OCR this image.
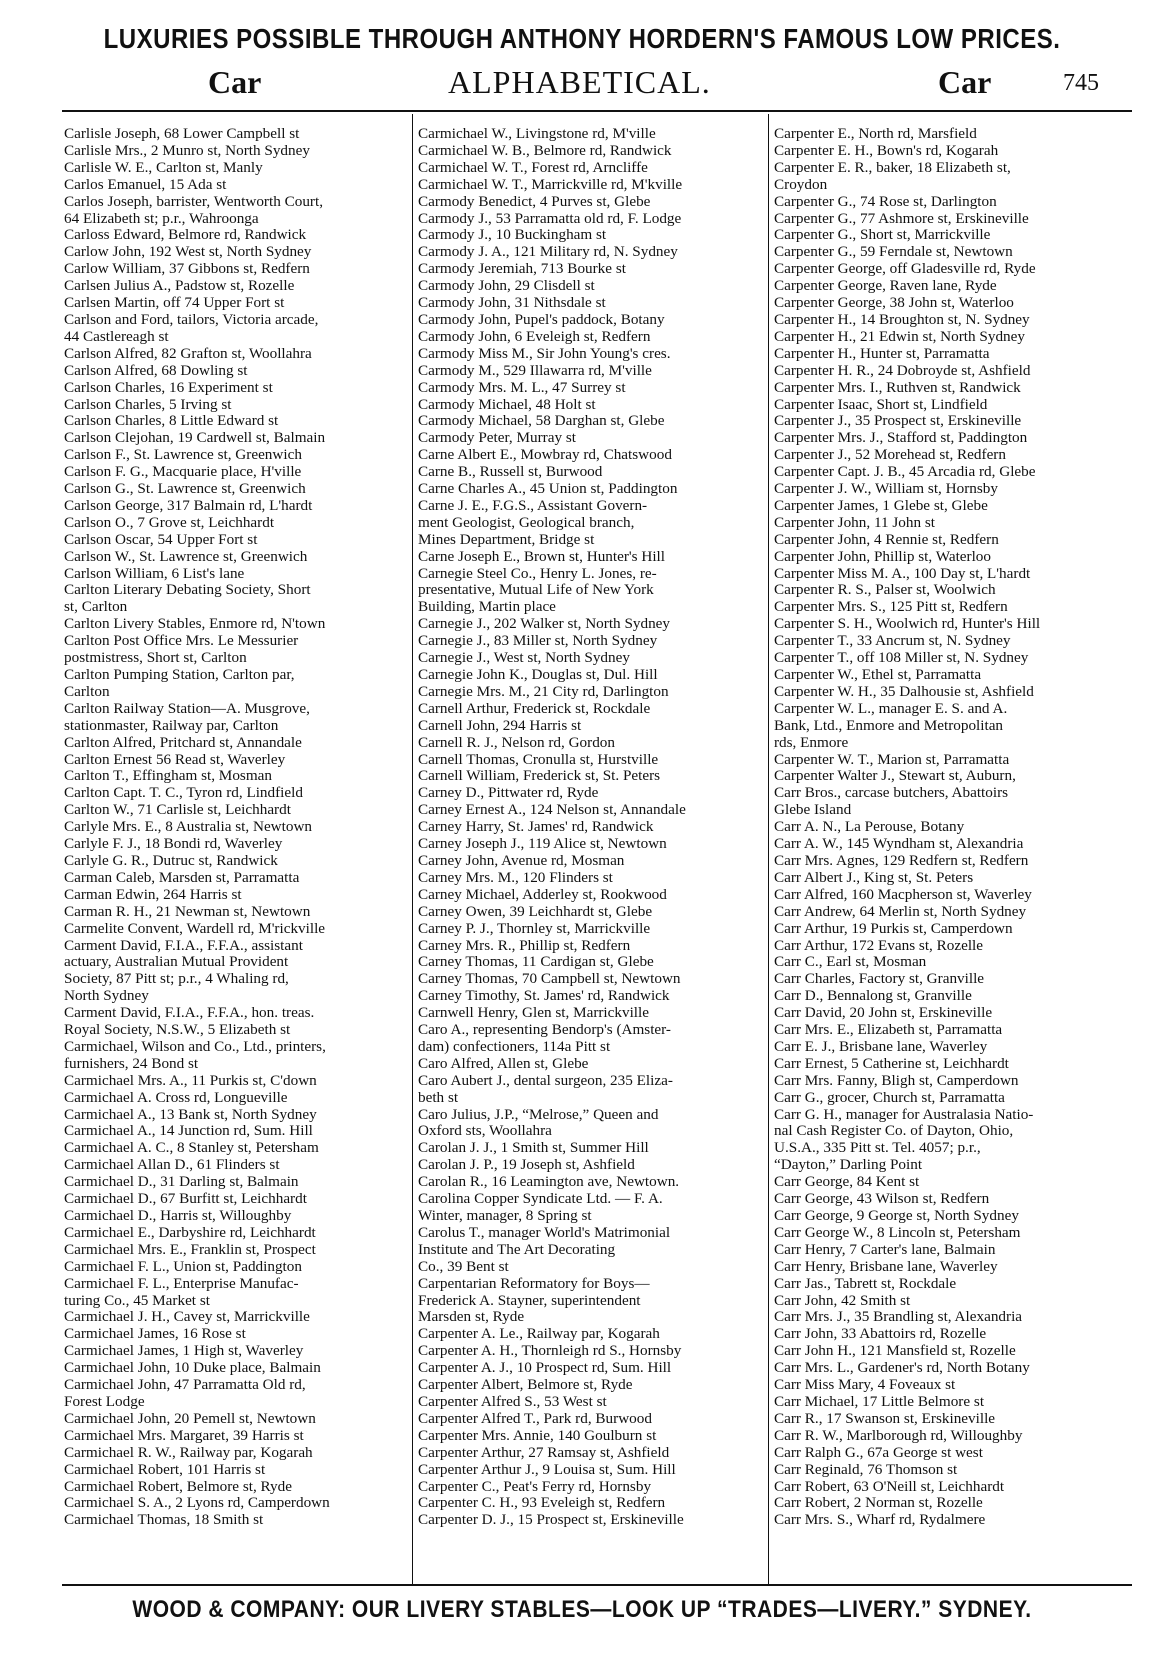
LUXURIES POSSIBLE THROUGH ANTHONY HORDERN'S FAMOUS LOW PRICES.
Car	ALPHABETICAL.	Car	745
Carlisle Joseph, 68 Lower Campbell st
Carlisle Mrs., 2 Munro st, North Sydney
Carlisle W. E., Carlton st, Manly
Carlos Emanuel, 15 Ada st
Carlos Joseph, barrister, Wentworth Court,
64 Elizabeth st; p.r., Wahroonga
Carloss Edward, Belmore rd, Randwick
Carlow John, 192 West st, North Sydney
Carlow William, 37 Gibbons st, Redfern
Carlsen Julius A., Padstow st, Rozelle
Carlsen Martin, off 74 Upper Fort st
Carlson and Ford, tailors, Victoria arcade,
44 Castlereagh st
Carlson Alfred, 82 Grafton st, Woollahra
Carlson Alfred, 68 Dowling st
Carlson Charles, 16 Experiment st
Carlson Charles, 5 Irving st
Carlson Charles, 8 Little Edward st
Carlson Clejohan, 19 Cardwell st, Balmain
Carlson F., St. Lawrence st, Greenwich
Carlson F. G., Macquarie place, H'ville
Carlson G., St. Lawrence st, Greenwich
Carlson George, 317 Balmain rd, L'hardt
Carlson O., 7 Grove st, Leichhardt
Carlson Oscar, 54 Upper Fort st
Carlson W., St. Lawrence st, Greenwich
Carlson William, 6 List's lane
Carlton Literary Debating Society, Short
st, Carlton
Carlton Livery Stables, Enmore rd, N'town
Carlton Post Office Mrs. Le Messurier
postmistress, Short st, Carlton
Carlton Pumping Station, Carlton par,
Carlton
Carlton Railway Station—A. Musgrove,
stationmaster, Railway par, Carlton
Carlton Alfred, Pritchard st, Annandale
Carlton Ernest 56 Read st, Waverley
Carlton T., Effingham st, Mosman
Carlton Capt. T. C., Tyron rd, Lindfield
Carlton W., 71 Carlisle st, Leichhardt
Carlyle Mrs. E., 8 Australia st, Newtown
Carlyle F. J., 18 Bondi rd, Waverley
Carlyle G. R., Dutruc st, Randwick
Carman Caleb, Marsden st, Parramatta
Carman Edwin, 264 Harris st
Carman R. H., 21 Newman st, Newtown
Carmelite Convent, Wardell rd, M'rickville
Carment David, F.I.A., F.F.A., assistant
actuary, Australian Mutual Provident
Society, 87 Pitt st; p.r., 4 Whaling rd,
North Sydney
Carment David, F.I.A., F.F.A., hon. treas.
Royal Society, N.S.W., 5 Elizabeth st
Carmichael, Wilson and Co., Ltd., printers,
furnishers, 24 Bond st
Carmichael Mrs. A., 11 Purkis st, C'down
Carmichael A. Cross rd, Longueville
Carmichael A., 13 Bank st, North Sydney
Carmichael A., 14 Junction rd, Sum. Hill
Carmichael A. C., 8 Stanley st, Petersham
Carmichael Allan D., 61 Flinders st
Carmichael D., 31 Darling st, Balmain
Carmichael D., 67 Burfitt st, Leichhardt
Carmichael D., Harris st, Willoughby
Carmichael E., Darbyshire rd, Leichhardt
Carmichael Mrs. E., Franklin st, Prospect
Carmichael F. L., Union st, Paddington
Carmichael F. L., Enterprise Manufac-
turing Co., 45 Market st
Carmichael J. H., Cavey st, Marrickville
Carmichael James, 16 Rose st
Carmichael James, 1 High st, Waverley
Carmichael John, 10 Duke place, Balmain
Carmichael John, 47 Parramatta Old rd,
Forest Lodge
Carmichael John, 20 Pemell st, Newtown
Carmichael Mrs. Margaret, 39 Harris st
Carmichael R. W., Railway par, Kogarah
Carmichael Robert, 101 Harris st
Carmichael Robert, Belmore st, Ryde
Carmichael S. A., 2 Lyons rd, Camperdown
Carmichael Thomas, 18 Smith st
Carmichael W., Livingstone rd, M'ville
Carmichael W. B., Belmore rd, Randwick
Carmichael W. T., Forest rd, Arncliffe
Carmichael W. T., Marrickville rd, M'kville
Carmody Benedict, 4 Purves st, Glebe
Carmody J., 53 Parramatta old rd, F. Lodge
Carmody J., 10 Buckingham st
Carmody J. A., 121 Military rd, N. Sydney
Carmody Jeremiah, 713 Bourke st
Carmody John, 29 Clisdell st
Carmody John, 31 Nithsdale st
Carmody John, Pupel's paddock, Botany
Carmody John, 6 Eveleigh st, Redfern
Carmody Miss M., Sir John Young's cres.
Carmody M., 529 Illawarra rd, M'ville
Carmody Mrs. M. L., 47 Surrey st
Carmody Michael, 48 Holt st
Carmody Michael, 58 Darghan st, Glebe
Carmody Peter, Murray st
Carne Albert E., Mowbray rd, Chatswood
Carne B., Russell st, Burwood
Carne Charles A., 45 Union st, Paddington
Carne J. E., F.G.S., Assistant Govern-
ment Geologist, Geological branch,
Mines Department, Bridge st
Carne Joseph E., Brown st, Hunter's Hill
Carnegie Steel Co., Henry L. Jones, re-
presentative, Mutual Life of New York
Building, Martin place
Carnegie J., 202 Walker st, North Sydney
Carnegie J., 83 Miller st, North Sydney
Carnegie J., West st, North Sydney
Carnegie John K., Douglas st, Dul. Hill
Carnegie Mrs. M., 21 City rd, Darlington
Carnell Arthur, Frederick st, Rockdale
Carnell John, 294 Harris st
Carnell R. J., Nelson rd, Gordon
Carnell Thomas, Cronulla st, Hurstville
Carnell William, Frederick st, St. Peters
Carney D., Pittwater rd, Ryde
Carney Ernest A., 124 Nelson st, Annandale
Carney Harry, St. James' rd, Randwick
Carney Joseph J., 119 Alice st, Newtown
Carney John, Avenue rd, Mosman
Carney Mrs. M., 120 Flinders st
Carney Michael, Adderley st, Rookwood
Carney Owen, 39 Leichhardt st, Glebe
Carney P. J., Thornley st, Marrickville
Carney Mrs. R., Phillip st, Redfern
Carney Thomas, 11 Cardigan st, Glebe
Carney Thomas, 70 Campbell st, Newtown
Carney Timothy, St. James' rd, Randwick
Carnwell Henry, Glen st, Marrickville
Caro A., representing Bendorp's (Amster-
dam) confectioners, 114a Pitt st
Caro Alfred, Allen st, Glebe
Caro Aubert J., dental surgeon, 235 Eliza-
beth st
Caro Julius, J.P., “Melrose,” Queen and
Oxford sts, Woollahra
Carolan J. J., 1 Smith st, Summer Hill
Carolan J. P., 19 Joseph st, Ashfield
Carolan R., 16 Leamington ave, Newtown.
Carolina Copper Syndicate Ltd. — F. A.
Winter, manager, 8 Spring st
Carolus T., manager World's Matrimonial
Institute and The Art Decorating
Co., 39 Bent st
Carpentarian Reformatory for Boys—
Frederick A. Stayner, superintendent
Marsden st, Ryde
Carpenter A. Le., Railway par, Kogarah
Carpenter A. H., Thornleigh rd S., Hornsby
Carpenter A. J., 10 Prospect rd, Sum. Hill
Carpenter Albert, Belmore st, Ryde
Carpenter Alfred S., 53 West st
Carpenter Alfred T., Park rd, Burwood
Carpenter Mrs. Annie, 140 Goulburn st
Carpenter Arthur, 27 Ramsay st, Ashfield
Carpenter Arthur J., 9 Louisa st, Sum. Hill
Carpenter C., Peat's Ferry rd, Hornsby
Carpenter C. H., 93 Eveleigh st, Redfern
Carpenter D. J., 15 Prospect st, Erskineville
Carpenter E., North rd, Marsfield
Carpenter E. H., Bown's rd, Kogarah
Carpenter E. R., baker, 18 Elizabeth st,
Croydon
Carpenter G., 74 Rose st, Darlington
Carpenter G., 77 Ashmore st, Erskineville
Carpenter G., Short st, Marrickville
Carpenter G., 59 Ferndale st, Newtown
Carpenter George, off Gladesville rd, Ryde
Carpenter George, Raven lane, Ryde
Carpenter George, 38 John st, Waterloo
Carpenter H., 14 Broughton st, N. Sydney
Carpenter H., 21 Edwin st, North Sydney
Carpenter H., Hunter st, Parramatta
Carpenter H. R., 24 Dobroyde st, Ashfield
Carpenter Mrs. I., Ruthven st, Randwick
Carpenter Isaac, Short st, Lindfield
Carpenter J., 35 Prospect st, Erskineville
Carpenter Mrs. J., Stafford st, Paddington
Carpenter J., 52 Morehead st, Redfern
Carpenter Capt. J. B., 45 Arcadia rd, Glebe
Carpenter J. W., William st, Hornsby
Carpenter James, 1 Glebe st, Glebe
Carpenter John, 11 John st
Carpenter John, 4 Rennie st, Redfern
Carpenter John, Phillip st, Waterloo
Carpenter Miss M. A., 100 Day st, L'hardt
Carpenter R. S., Palser st, Woolwich
Carpenter Mrs. S., 125 Pitt st, Redfern
Carpenter S. H., Woolwich rd, Hunter's Hill
Carpenter T., 33 Ancrum st, N. Sydney
Carpenter T., off 108 Miller st, N. Sydney
Carpenter W., Ethel st, Parramatta
Carpenter W. H., 35 Dalhousie st, Ashfield
Carpenter W. L., manager E. S. and A.
Bank, Ltd., Enmore and Metropolitan
rds, Enmore
Carpenter W. T., Marion st, Parramatta
Carpenter Walter J., Stewart st, Auburn,
Carr Bros., carcase butchers, Abattoirs
Glebe Island
Carr A. N., La Perouse, Botany
Carr A. W., 145 Wyndham st, Alexandria
Carr Mrs. Agnes, 129 Redfern st, Redfern
Carr Albert J., King st, St. Peters
Carr Alfred, 160 Macpherson st, Waverley
Carr Andrew, 64 Merlin st, North Sydney
Carr Arthur, 19 Purkis st, Camperdown
Carr Arthur, 172 Evans st, Rozelle
Carr C., Earl st, Mosman
Carr Charles, Factory st, Granville
Carr D., Bennalong st, Granville
Carr David, 20 John st, Erskineville
Carr Mrs. E., Elizabeth st, Parramatta
Carr E. J., Brisbane lane, Waverley
Carr Ernest, 5 Catherine st, Leichhardt
Carr Mrs. Fanny, Bligh st, Camperdown
Carr G., grocer, Church st, Parramatta
Carr G. H., manager for Australasia Natio-
nal Cash Register Co. of Dayton, Ohio,
U.S.A., 335 Pitt st. Tel. 4057; p.r.,
“Dayton,” Darling Point
Carr George, 84 Kent st
Carr George, 43 Wilson st, Redfern
Carr George, 9 George st, North Sydney
Carr George W., 8 Lincoln st, Petersham
Carr Henry, 7 Carter's lane, Balmain
Carr Henry, Brisbane lane, Waverley
Carr Jas., Tabrett st, Rockdale
Carr John, 42 Smith st
Carr Mrs. J., 35 Brandling st, Alexandria
Carr John, 33 Abattoirs rd, Rozelle
Carr John H., 121 Mansfield st, Rozelle
Carr Mrs. L., Gardener's rd, North Botany
Carr Miss Mary, 4 Foveaux st
Carr Michael, 17 Little Belmore st
Carr R., 17 Swanson st, Erskineville
Carr R. W., Marlborough rd, Willoughby
Carr Ralph G., 67a George st west
Carr Reginald, 76 Thomson st
Carr Robert, 63 O'Neill st, Leichhardt
Carr Robert, 2 Norman st, Rozelle
Carr Mrs. S., Wharf rd, Rydalmere
WOOD & COMPANY: OUR LIVERY STABLES—LOOK UP “TRADES—LIVERY.” SYDNEY.
